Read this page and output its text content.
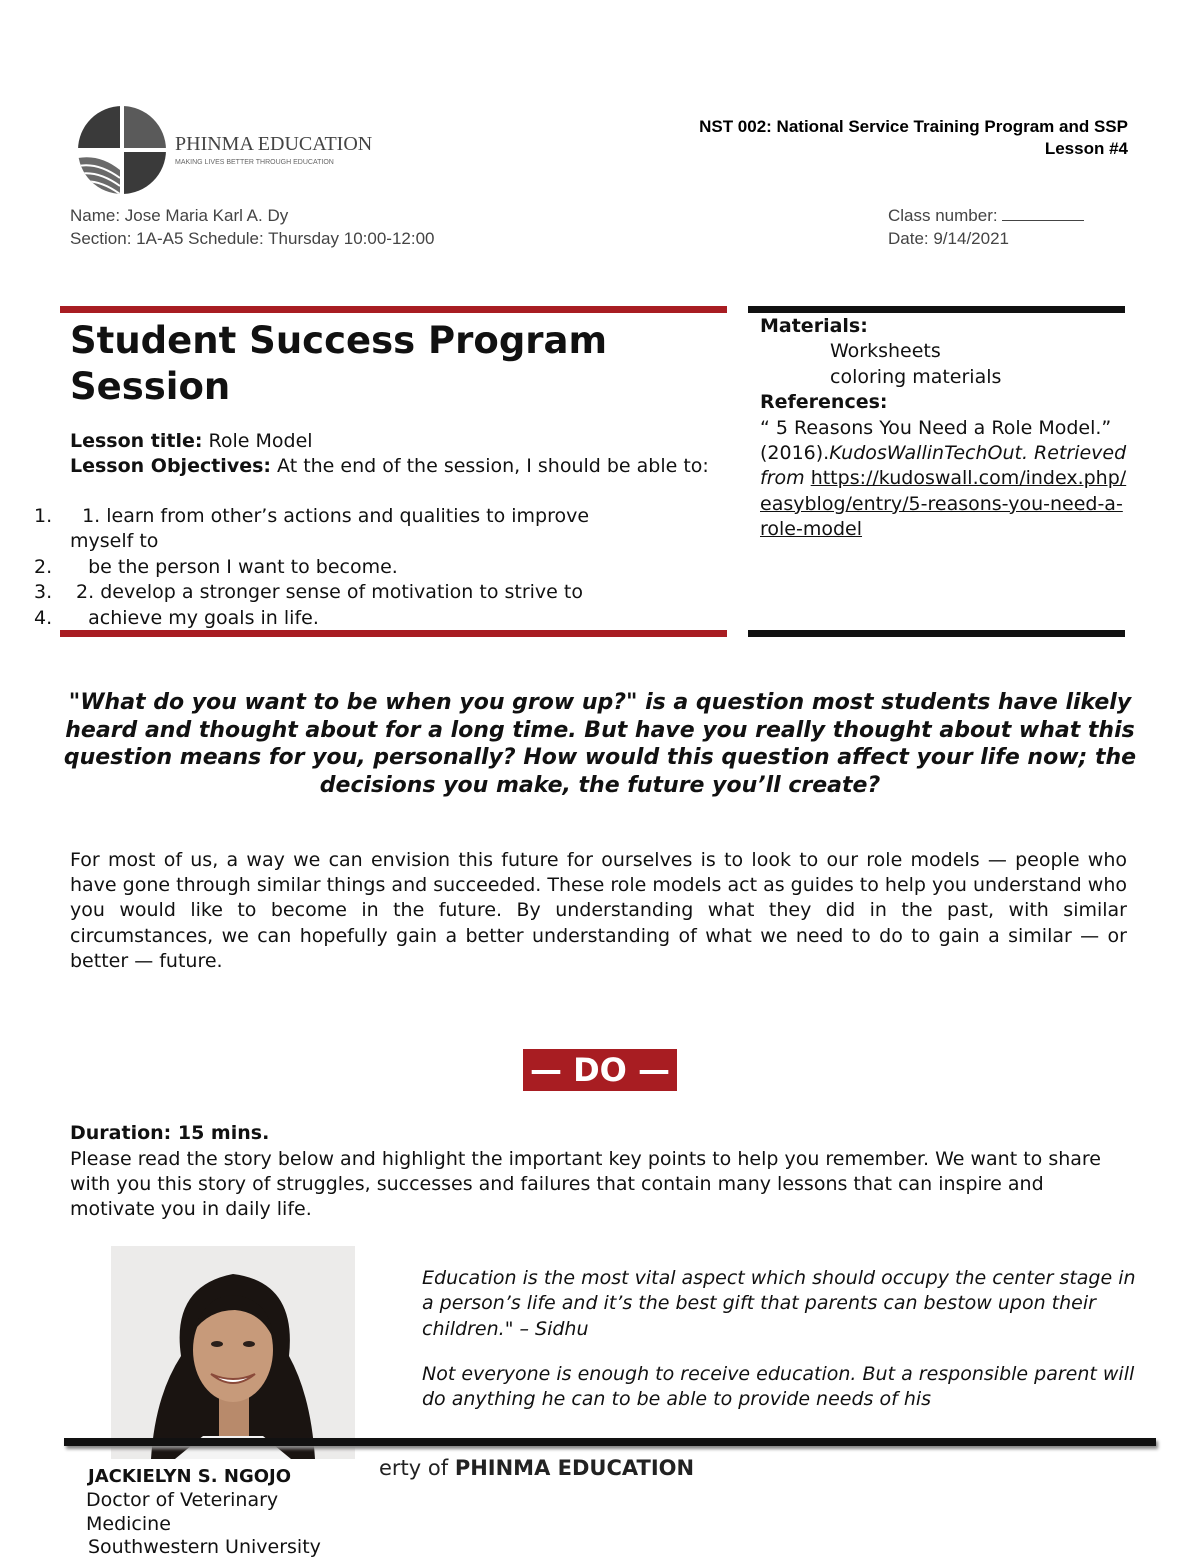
PHINMA EDUCATION
MAKING LIVES BETTER THROUGH EDUCATION
NST 002: National Service Training Program and SSP
Lesson #4
Name: Jose Maria Karl A. Dy
Section: 1A-A5 Schedule: Thursday 10:00-12:00
Class number:
Date: 9/14/2021
Student Success Program Session
Lesson title: Role Model
Lesson Objectives: At the end of the session, I should be able to:
1.  1. learn from other’s actions and qualities to improve
myself to
2.   be the person I want to become.
3. 2. develop a stronger sense of motivation to strive to
4.   achieve my goals in life.
Materials:
Worksheets
coloring materials
References:
“ 5 Reasons You Need a Role Model.” (2016).KudosWallinTechOut. Retrieved from https://kudoswall.com/index.php/easyblog/entry/5-reasons-you-need-a-role-model
"What do you want to be when you grow up?" is a question most students have likely heard and thought about for a long time. But have you really thought about what this question means for you, personally? How would this question affect your life now; the decisions you make, the future you’ll create?
For most of us, a way we can envision this future for ourselves is to look to our role models — people who have gone through similar things and succeeded. These role models act as guides to help you understand who you would like to become in the future. By understanding what they did in the past, with similar circumstances, we can hopefully gain a better understanding of what we need to do to gain a similar — or better — future.
— DO —
Duration: 15 mins.
Please read the story below and highlight the important key points to help you remember. We want to share with you this story of struggles, successes and failures that contain many lessons that can inspire and motivate you in daily life.
Education is the most vital aspect which should occupy the center stage in a person’s life and it’s the best gift that parents can bestow upon their children." – Sidhu
Not everyone is enough to receive education. But a responsible parent will do anything he can to be able to provide needs of his
erty of PHINMA EDUCATION
JACKIELYN S. NGOJO
Doctor of Veterinary Medicine
Southwestern University
